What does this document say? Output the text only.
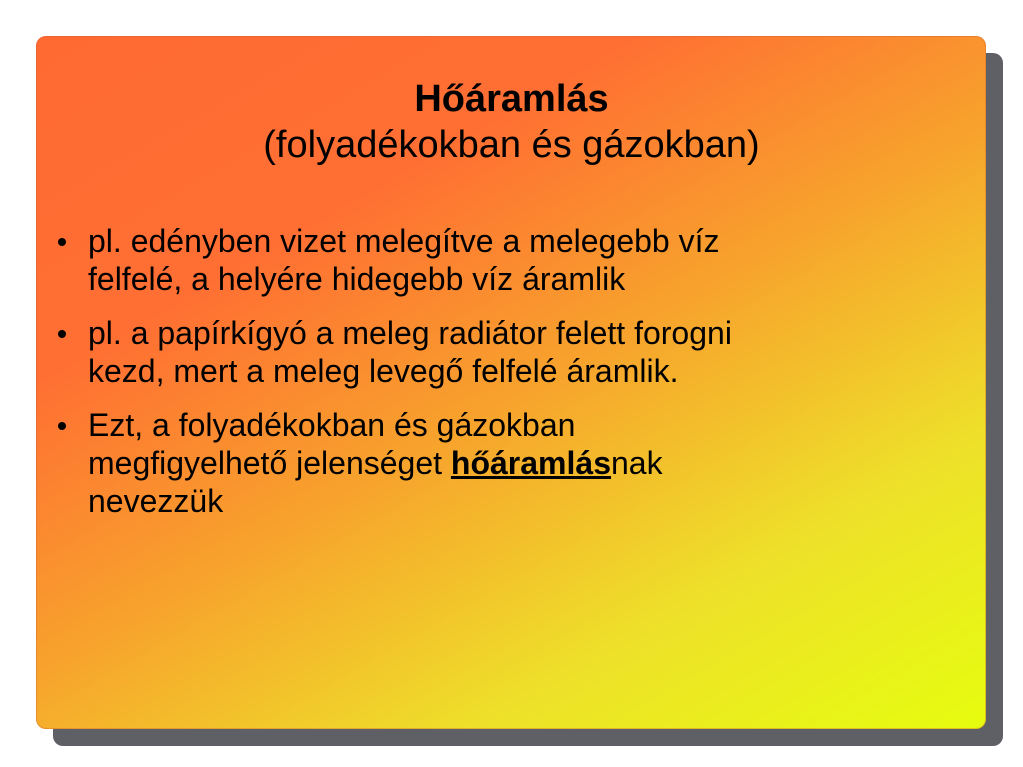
Hőáramlás
(folyadékokban és gázokban)
pl. edényben vizet melegítve a melegebb víz
felfelé, a helyére hidegebb víz áramlik
pl. a papírkígyó a meleg radiátor felett forogni
kezd, mert a meleg levegő felfelé áramlik.
Ezt, a folyadékokban és gázokban
megfigyelhető jelenséget hőáramlásnak
nevezzük
